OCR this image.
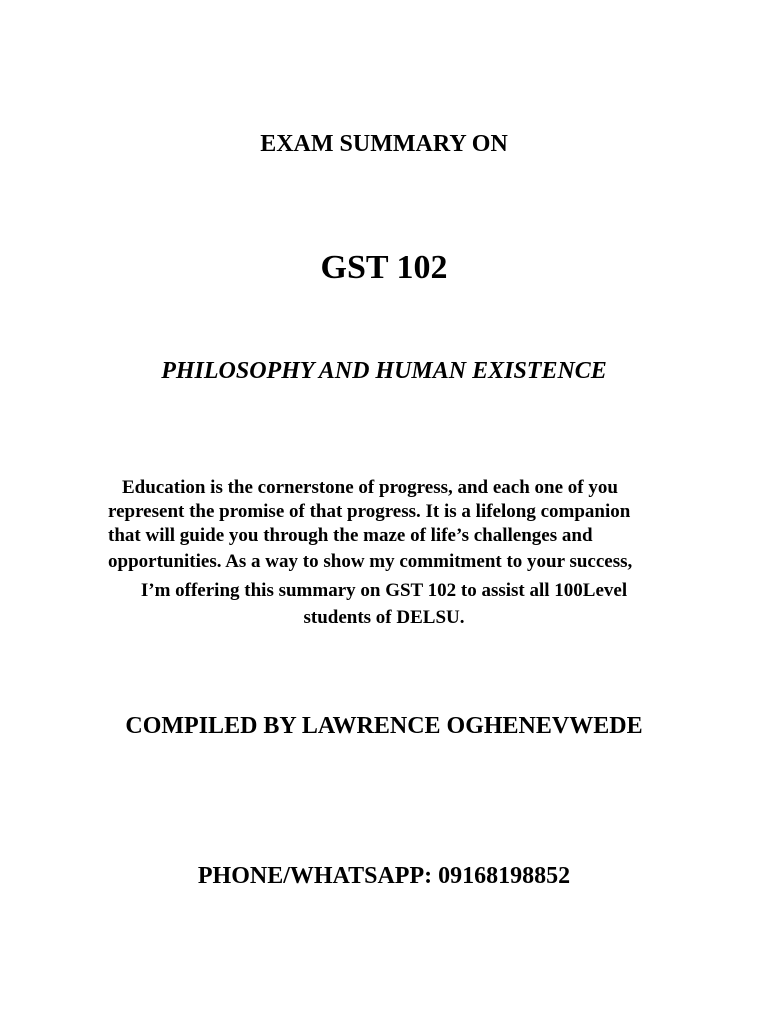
EXAM SUMMARY ON
GST 102
PHILOSOPHY AND HUMAN EXISTENCE
Education is the cornerstone of progress, and each one of you
represent the promise of that progress. It is a lifelong companion
that will guide you through the maze of life’s challenges and
opportunities. As a way to show my commitment to your success,
I’m offering this summary on GST 102 to assist all 100Level
students of DELSU.
COMPILED BY LAWRENCE OGHENEVWEDE
PHONE/WHATSAPP: 09168198852
